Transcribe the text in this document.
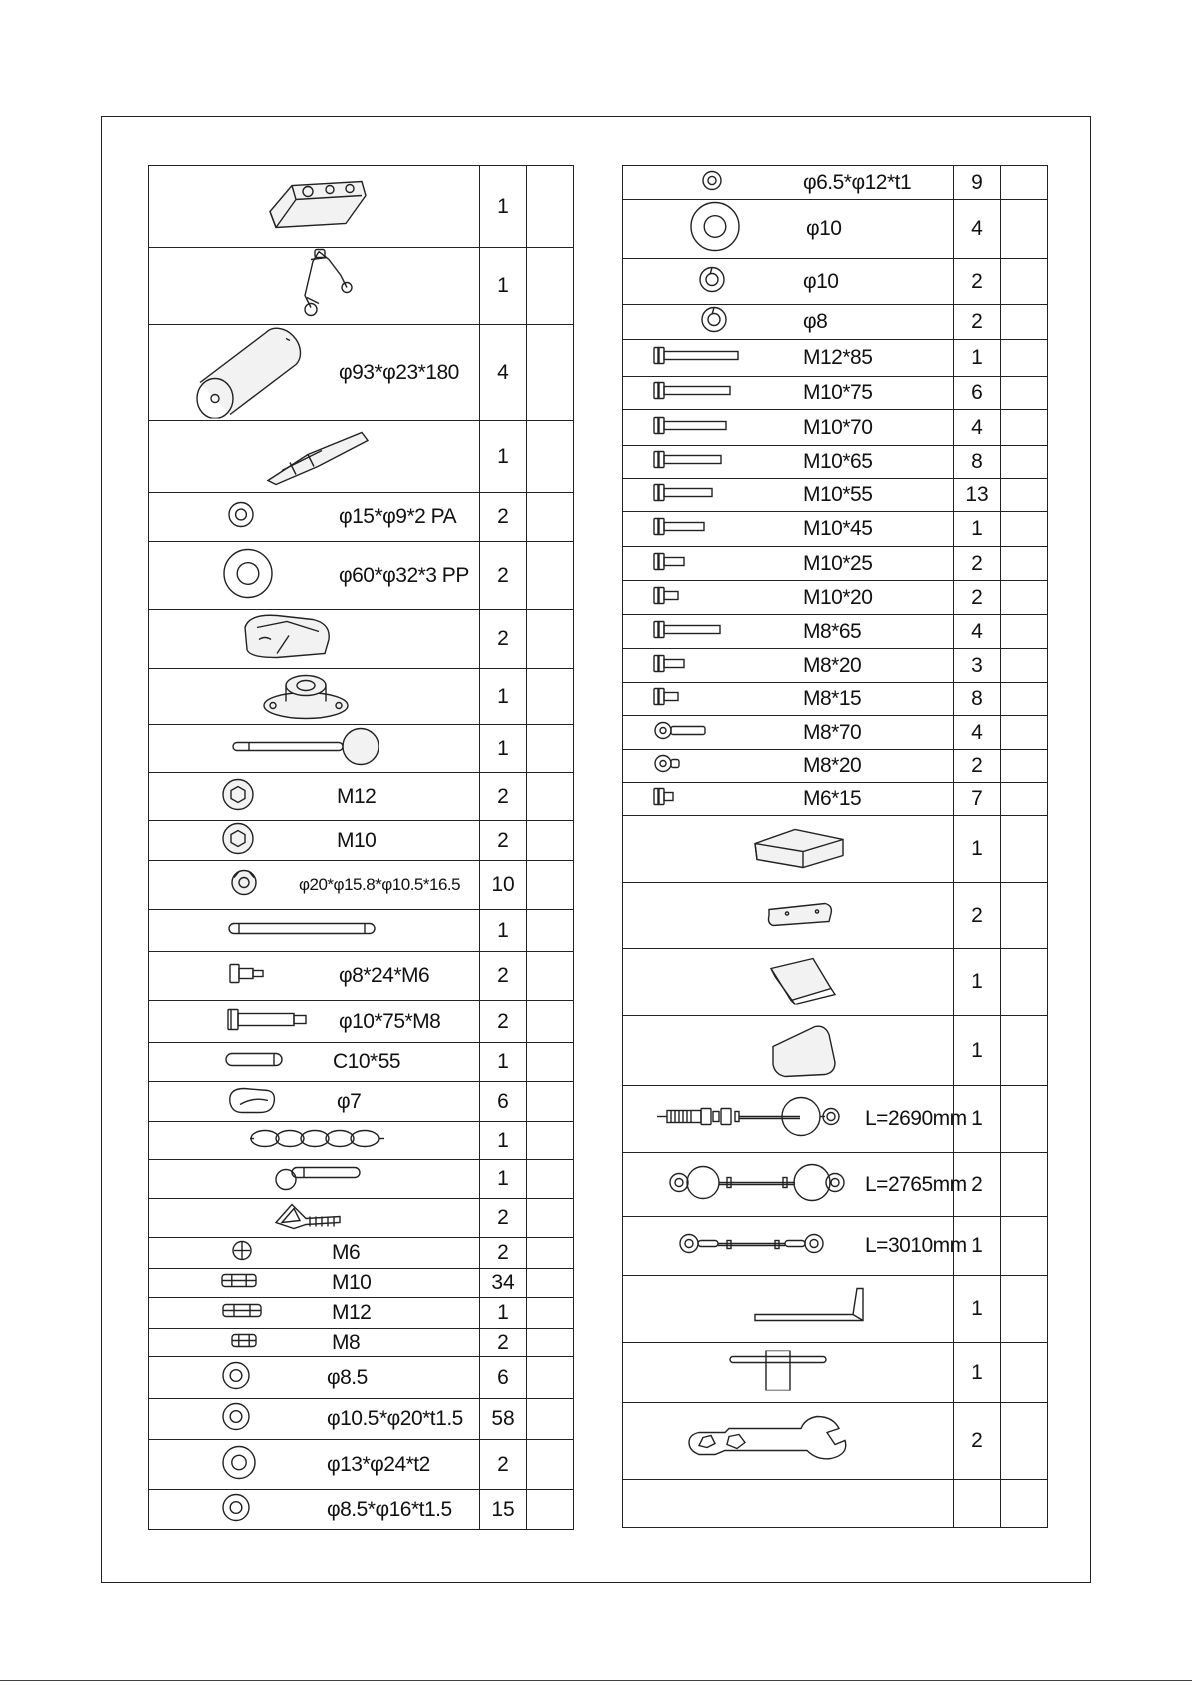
	1	

	1	

φ93*φ23*180	4	

	1	

φ15*φ9*2 PA	2	

φ60*φ32*3 PP	2	

	2	

	1	

	1	

M12	2	

M10	2	

φ20*φ15.8*φ10.5*16.5	10	

	1	

φ8*24*M6	2	

φ10*75*M8	2	

C10*55	1	

φ7	6	

	1	

	1	

	2	

M6	2	

M10	34	

M12	1	

M8	2	

φ8.5	6	

φ10.5*φ20*t1.5	58	

φ13*φ24*t2	2	

φ8.5*φ16*t1.5	15	
φ6.5*φ12*t1	9	

φ10	4	

φ10	2	

φ8	2	

M12*85	1	

M10*75	6	

M10*70	4	

M10*65	8	

M10*55	13	

M10*45	1	

M10*25	2	

M10*20	2	

M8*65	4	

M8*20	3	

M8*15	8	

M8*70	4	

M8*20	2	

M6*15	7	

	1	

	2	

	1	

	1	

L=2690mm	1	

L=2765mm	2	

L=3010mm	1	

	1	

	1	

	2	
